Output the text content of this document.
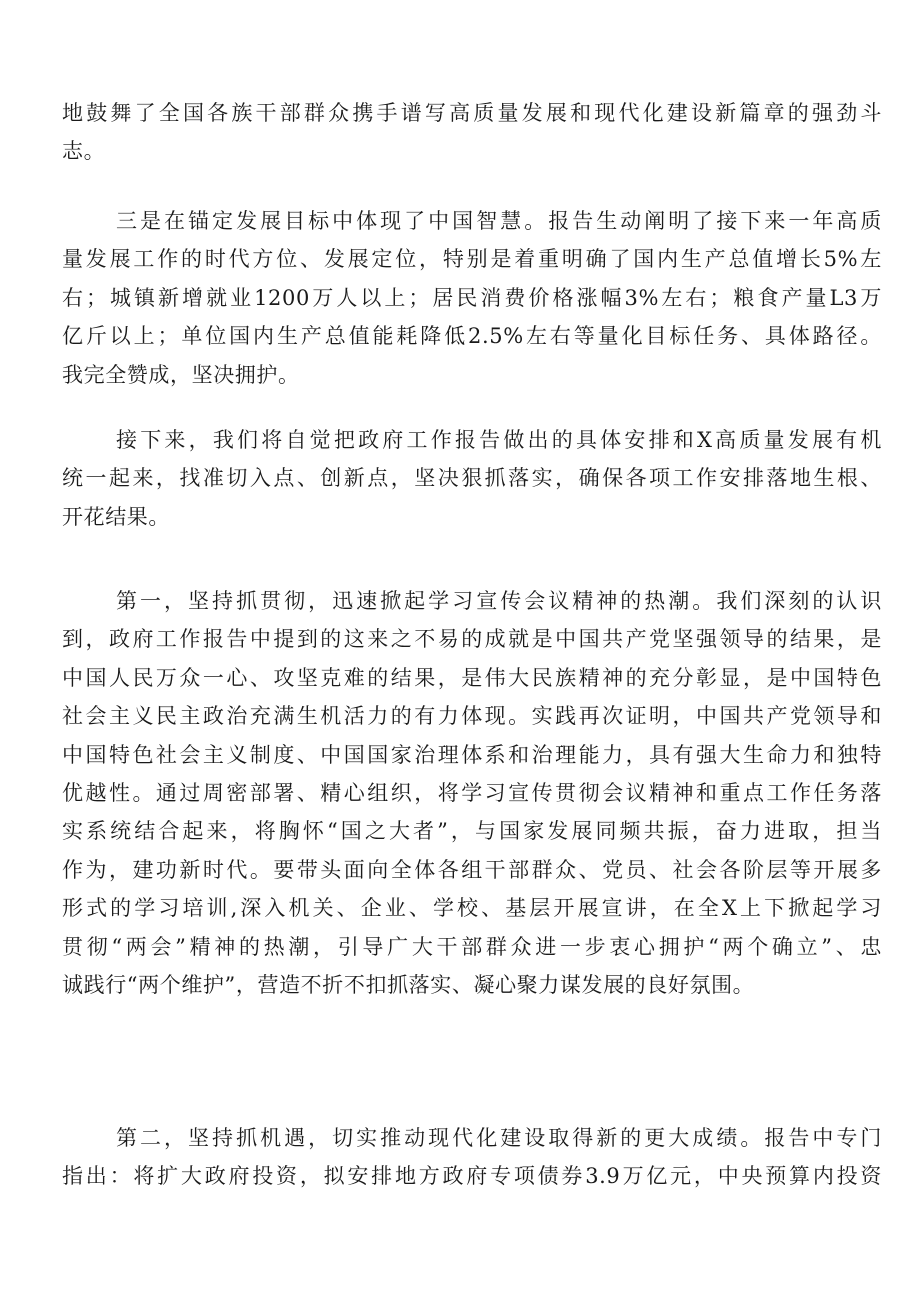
地鼓舞了全国各族干部群众携手谱写高质量发展和现代化建设新篇章的强劲斗
志。
三是在锚定发展目标中体现了中国智慧。报告生动阐明了接下来一年高质
量发展工作的时代方位、发展定位，特别是着重明确了国内生产总值增长5%左
右；城镇新增就业1200万人以上；居民消费价格涨幅3%左右；粮食产量L3万
亿斤以上；单位国内生产总值能耗降低2.5%左右等量化目标任务、具体路径。
我完全赞成，坚决拥护。
接下来，我们将自觉把政府工作报告做出的具体安排和X高质量发展有机
统一起来，找准切入点、创新点，坚决狠抓落实，确保各项工作安排落地生根、
开花结果。
第一，坚持抓贯彻，迅速掀起学习宣传会议精神的热潮。我们深刻的认识
到，政府工作报告中提到的这来之不易的成就是中国共产党坚强领导的结果，是
中国人民万众一心、攻坚克难的结果，是伟大民族精神的充分彰显，是中国特色
社会主义民主政治充满生机活力的有力体现。实践再次证明，中国共产党领导和
中国特色社会主义制度、中国国家治理体系和治理能力，具有强大生命力和独特
优越性。通过周密部署、精心组织，将学习宣传贯彻会议精神和重点工作任务落
实系统结合起来，将胸怀“国之大者”，与国家发展同频共振，奋力进取，担当
作为，建功新时代。要带头面向全体各组干部群众、党员、社会各阶层等开展多
形式的学习培训,深入机关、企业、学校、基层开展宣讲，在全X上下掀起学习
贯彻“两会”精神的热潮，引导广大干部群众进一步衷心拥护“两个确立”、忠
诚践行“两个维护”，营造不折不扣抓落实、凝心聚力谋发展的良好氛围。
第二，坚持抓机遇，切实推动现代化建设取得新的更大成绩。报告中专门
指出：将扩大政府投资，拟安排地方政府专项债券3.9万亿元，中央预算内投资
